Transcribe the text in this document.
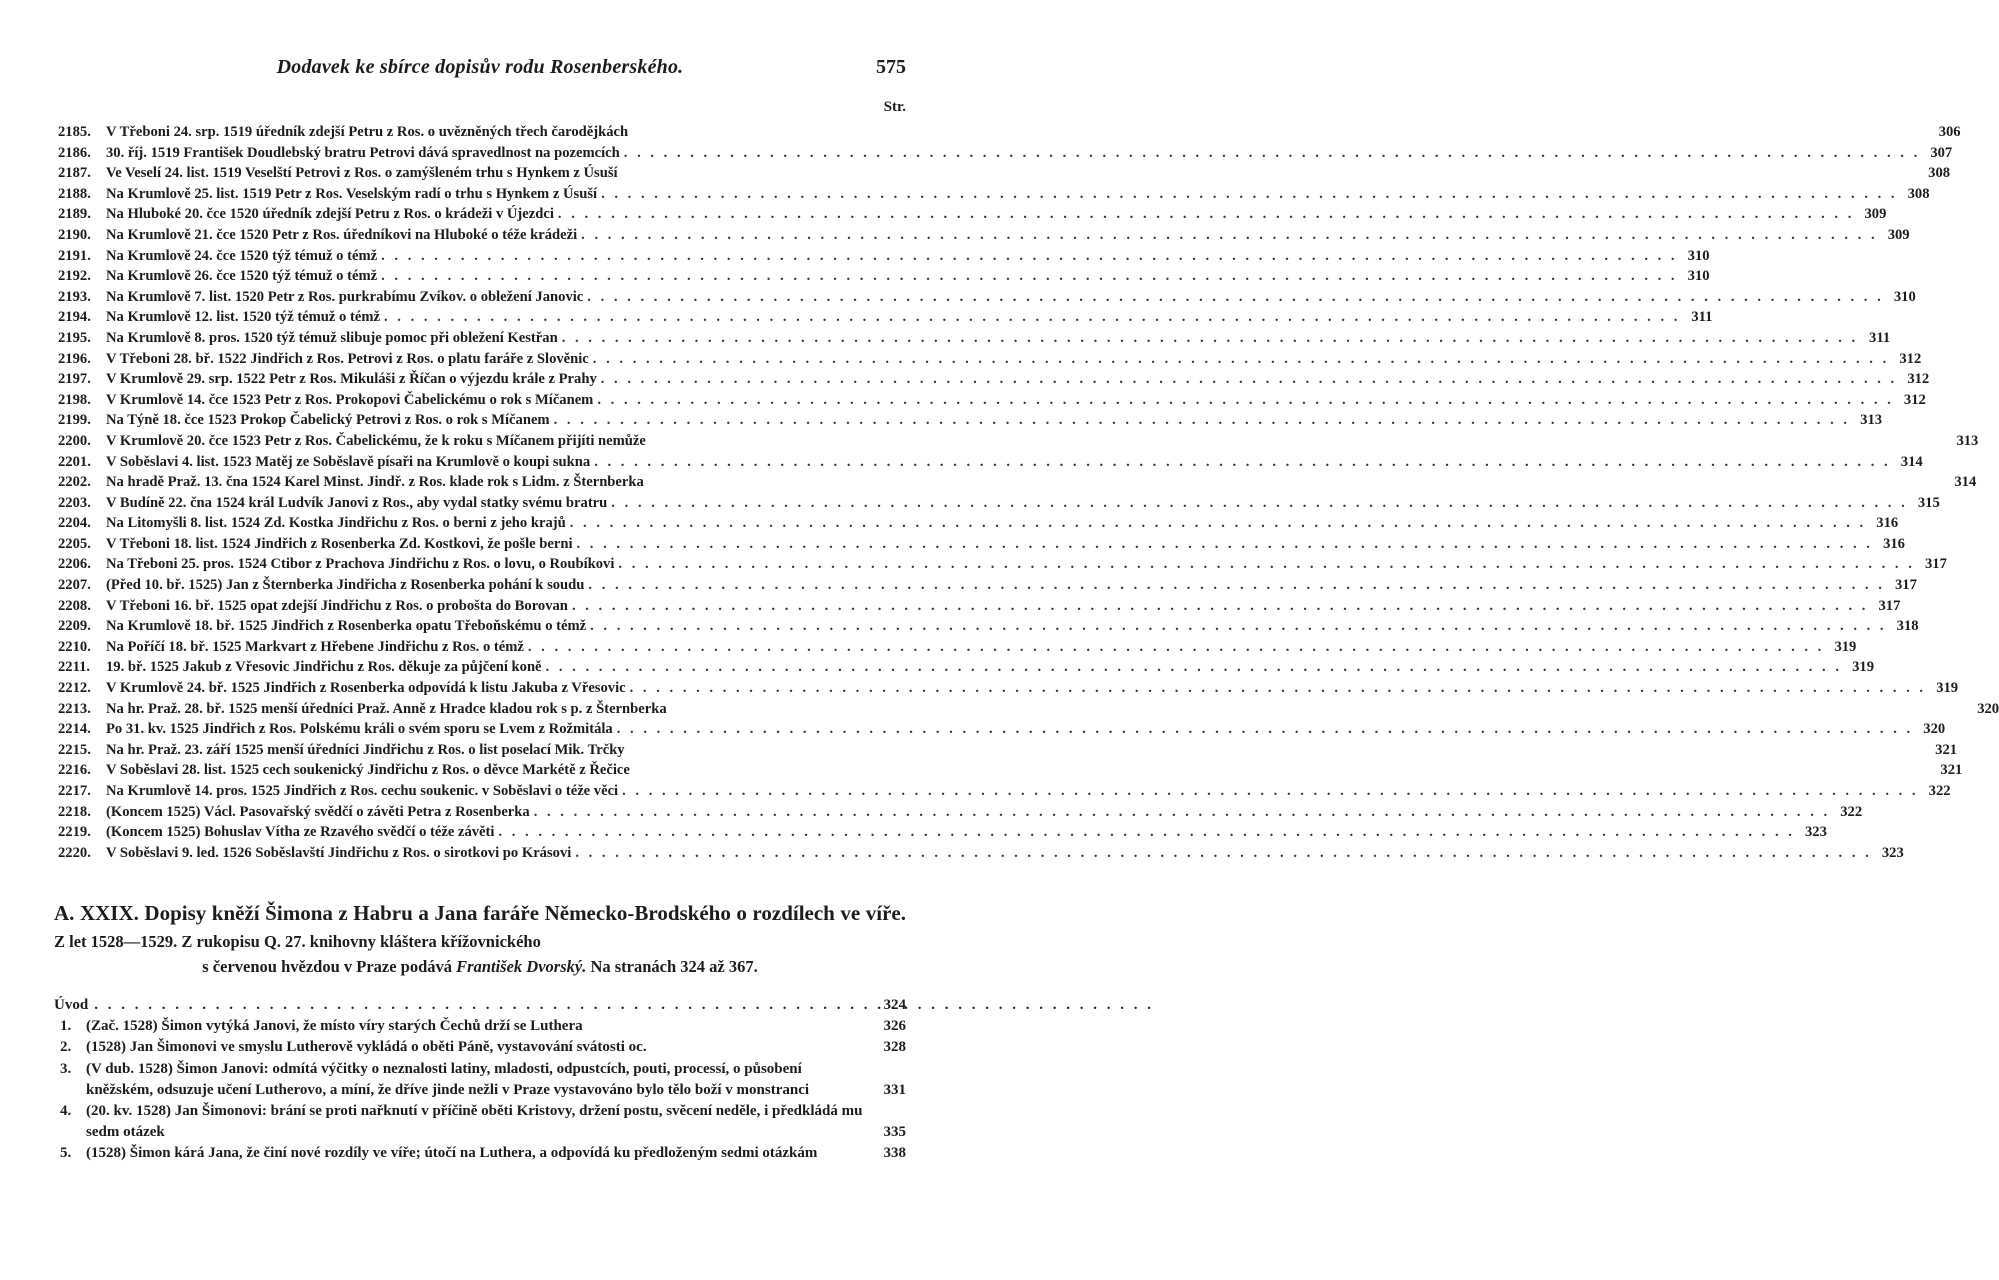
Dodavek ke sbírce dopisův rodu Rosenberského.	575
Str.
2185.	V Třeboni 24. srp. 1519 úředník zdejší Petru z Ros. o uvězněných třech čarodějkách	306
2186.	30. říj. 1519 František Doudlebský bratru Petrovi dává spravedlnost na pozemcích . . .	307
2187.	Ve Veselí 24. list. 1519 Veselští Petrovi z Ros. o zamýšleném trhu s Hynkem z Úsuší	308
2188.	Na Krumlově 25. list. 1519 Petr z Ros. Veselským radí o trhu s Hynkem z Úsuší . . .	308
2189.	Na Hluboké 20. čce 1520 úředník zdejší Petru z Ros. o krádeži v Újezdci . . .	309
2190.	Na Krumlově 21. čce 1520 Petr z Ros. úředníkovi na Hluboké o téže krádeži . . .	309
2191.	Na Krumlově 24. čce 1520 týž témuž o témž . . .	310
2192.	Na Krumlově 26. čce 1520 týž témuž o témž . . .	310
2193.	Na Krumlově 7. list. 1520 Petr z Ros. purkrabímu Zvíkov. o obležení Janovic . . .	310
2194.	Na Krumlově 12. list. 1520 týž témuž o témž . . .	311
2195.	Na Krumlově 8. pros. 1520 týž témuž slibuje pomoc při obležení Kestřan . . .	311
2196.	V Třeboni 28. bř. 1522 Jindřich z Ros. Petrovi z Ros. o platu faráře z Slověnic . . .	312
2197.	V Krumlově 29. srp. 1522 Petr z Ros. Mikuláši z Říčan o výjezdu krále z Prahy . . .	312
2198.	V Krumlově 14. čce 1523 Petr z Ros. Prokopovi Čabelickému o rok s Míčanem . . .	312
2199.	Na Týně 18. čce 1523 Prokop Čabelický Petrovi z Ros. o rok s Míčanem . . .	313
2200.	V Krumlově 20. čce 1523 Petr z Ros. Čabelickému, že k roku s Míčanem přijíti nemůže	313
2201.	V Soběslavi 4. list. 1523 Matěj ze Soběslavě písaři na Krumlově o koupi sukna . . .	314
2202.	Na hradě Praž. 13. čna 1524 Karel Minst. Jindř. z Ros. klade rok s Lidm. z Šternberka	314
2203.	V Budíně 22. čna 1524 král Ludvík Janovi z Ros., aby vydal statky svému bratru . . .	315
2204.	Na Litomyšli 8. list. 1524 Zd. Kostka Jindřichu z Ros. o berni z jeho krajů . . .	316
2205.	V Třeboni 18. list. 1524 Jindřich z Rosenberka Zd. Kostkovi, že pošle berni . . .	316
2206.	Na Třeboni 25. pros. 1524 Ctibor z Prachova Jindřichu z Ros. o lovu, o Roubíkovi . . .	317
2207.	(Před 10. bř. 1525) Jan z Šternberka Jindřicha z Rosenberka pohání k soudu . . .	317
2208.	V Třeboni 16. bř. 1525 opat zdejší Jindřichu z Ros. o proboštа do Borovan . . .	317
2209.	Na Krumlově 18. bř. 1525 Jindřich z Rosenberka opatu Třeboňskému o témž . . .	318
2210.	Na Poříčí 18. bř. 1525 Markvart z Hřebene Jindřichu z Ros. o témž . . .	319
2211.	19. bř. 1525 Jakub z Vřesovic Jindřichu z Ros. děkuje za půjčení koně . . .	319
2212.	V Krumlově 24. bř. 1525 Jindřich z Rosenberka odpovídá k listu Jakuba z Vřesovic . . .	319
2213.	Na hr. Praž. 28. bř. 1525 menší úředníci Praž. Anně z Hradce kladou rok s p. z Šternberka	320
2214.	Po 31. kv. 1525 Jindřich z Ros. Polskému králi o svém sporu se Lvem z Rožmitála . . .	320
2215.	Na hr. Praž. 23. září 1525 menší úředníci Jindřichu z Ros. o list poselací Mik. Trčky	321
2216.	V Soběslavi 28. list. 1525 cech soukenický Jindřichu z Ros. o děvce Markétě z Řečice	321
2217.	Na Krumlově 14. pros. 1525 Jindřich z Ros. cechu soukenic. v Soběslavi o téže věci . . .	322
2218.	(Koncem 1525) Václ. Pasovařský svědčí o závěti Petra z Rosenberka . . .	322
2219.	(Koncem 1525) Bohuslav Vítha ze Rzavého svědčí o téže závěti . . .	323
2220.	V Soběslavi 9. led. 1526 Soběslavští Jindřichu z Ros. o sirotkovi po Krásovi . . .	323
A. XXIX. Dopisy kněží Šimona z Habru a Jana faráře Německo-Brodského o rozdílech ve víře. Z let 1528—1529. Z rukopisu Q. 27. knihovny kláštera křížovnického
s červenou hvězdou v Praze podává František Dvorský. Na stranách 324 až 367.
Úvod . . .	324
1. (Zač. 1528) Šimon vytýká Janovi, že místo víry starých Čechů drží se Luthera	326
2. (1528) Jan Šimonovi ve smyslu Lutherově vykládá o oběti Páně, vystavování svátosti oc.	328
3. (V dub. 1528) Šimon Janovi: odmítá výčitky o neznalosti latiny, mladosti, odpustcích, pouti, processí, o působení kněžském, odsuzuje učení Lutherovo, a míní, že dříve jinde nežli v Praze vystavováno bylo tělo boží v monstranci	331
4. (20. kv. 1528) Jan Šimonovi: brání se proti nařknutí v příčině oběti Kristovy, držení postu, svěcení neděle, i předkládá mu sedm otázek	335
5. (1528) Šimon kárá Jana, že činí nové rozdíly ve víře; útočí na Luthera, a odpovídá ku předloženým sedmi otázkám	338
